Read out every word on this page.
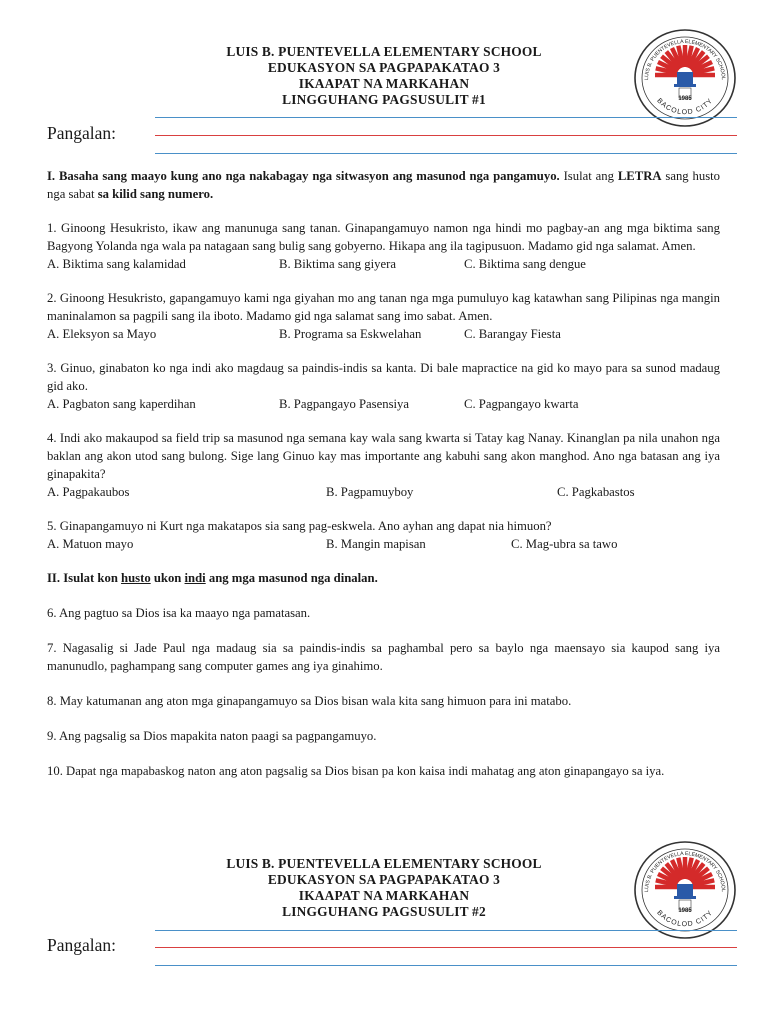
LUIS B. PUENTEVELLA ELEMENTARY SCHOOL
EDUKASYON SA PAGPAPAKATAO 3
IKAAPAT NA MARKAHAN
LINGGUHANG PAGSUSULIT #1	1985
LUIS B. PUENTEVELLA ELEMENTARY SCHOOL
BACOLOD CITY
Pangalan:
I. Basaha sang maayo kung ano nga nakabagay nga sitwasyon ang masunod nga pangamuyo. Isulat ang LETRA sang husto nga sabat sa kilid sang numero.
1. Ginoong Hesukristo, ikaw ang manunuga sang tanan. Ginapangamuyo namon nga hindi mo pagbay-an ang mga biktima sang Bagyong Yolanda nga wala pa natagaan sang bulig sang gobyerno. Hikapa ang ila tagipusuon. Madamo gid nga salamat. Amen.
A. Biktima sang kalamidad	B. Biktima sang giyera	C. Biktima sang dengue
2. Ginoong Hesukristo, gapangamuyo kami nga giyahan mo ang tanan nga mga pumuluyo kag katawhan sang Pilipinas nga mangin maninalamon sa pagpili sang ila iboto. Madamo gid nga salamat sang imo sabat. Amen.
A. Eleksyon sa Mayo	B. Programa sa Eskwelahan	C. Barangay Fiesta
3. Ginuo, ginabaton ko nga indi ako magdaug sa paindis-indis sa kanta. Di bale mapractice na gid ko mayo para sa sunod madaug gid ako.
A. Pagbaton sang kaperdihan	B. Pagpangayo Pasensiya	C. Pagpangayo kwarta
4. Indi ako makaupod sa field trip sa masunod nga semana kay wala sang kwarta si Tatay kag Nanay. Kinanglan pa nila unahon nga baklan ang akon utod sang bulong. Sige lang Ginuo kay mas importante ang kabuhi sang akon manghod. Ano nga batasan ang iya ginapakita?
A. Pagpakaubos	B. Pagpamuyboy	C. Pagkabastos
5. Ginapangamuyo ni Kurt nga makatapos sia sang pag-eskwela. Ano ayhan ang dapat nia himuon?
A. Matuon mayo	B. Mangin mapisan	C. Mag-ubra sa tawo
II. Isulat kon husto ukon indi ang mga masunod nga dinalan.
6. Ang pagtuo sa Dios isa ka maayo nga pamatasan.
7. Nagasalig si Jade Paul nga madaug sia sa paindis-indis sa paghambal pero sa baylo nga maensayo sia kaupod sang iya manunudlo, paghampang sang computer games ang iya ginahimo.
8. May katumanan ang aton mga ginapangamuyo sa Dios bisan wala kita sang himuon para ini matabo.
9. Ang pagsalig sa Dios mapakita naton paagi sa pagpangamuyo.
10. Dapat nga mapabaskog naton ang aton pagsalig sa Dios bisan pa kon kaisa indi mahatag ang aton ginapangayo sa iya.
LUIS B. PUENTEVELLA ELEMENTARY SCHOOL
EDUKASYON SA PAGPAPAKATAO 3
IKAAPAT NA MARKAHAN
LINGGUHANG PAGSUSULIT #2	1985
LUIS B. PUENTEVELLA ELEMENTARY SCHOOL
BACOLOD CITY
Pangalan:
